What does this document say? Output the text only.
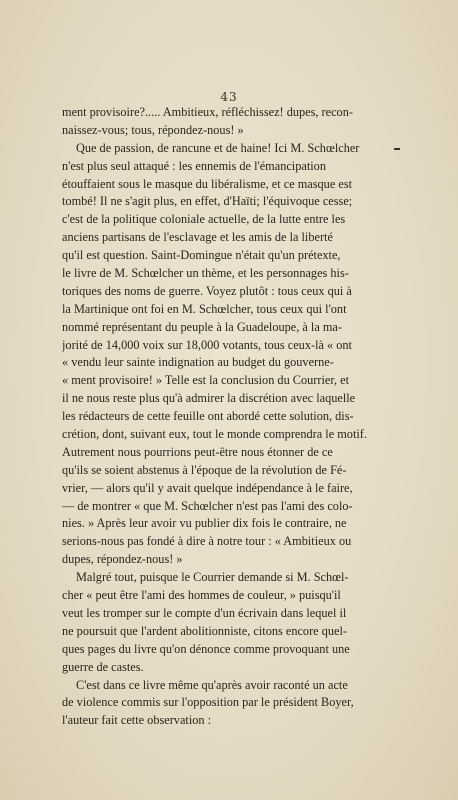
43
ment provisoire?..... Ambitieux, réfléchissez! dupes, recon-
naissez-vous; tous, répondez-nous! »
Que de passion, de rancune et de haine! Ici M. Schœlcher
n'est plus seul attaqué : les ennemis de l'émancipation
étouffaient sous le masque du libéralisme, et ce masque est
tombé! Il ne s'agit plus, en effet, d'Haïti; l'équivoque cesse;
c'est de la politique coloniale actuelle, de la lutte entre les
anciens partisans de l'esclavage et les amis de la liberté
qu'il est question. Saint-Domingue n'était qu'un prétexte,
le livre de M. Schœlcher un thème, et les personnages his-
toriques des noms de guerre. Voyez plutôt : tous ceux qui à
la Martinique ont foi en M. Schœlcher, tous ceux qui l'ont
nommé représentant du peuple à la Guadeloupe, à la ma-
jorité de 14,000 voix sur 18,000 votants, tous ceux-là « ont
« vendu leur sainte indignation au budget du gouverne-
« ment provisoire! » Telle est la conclusion du Courrier, et
il ne nous reste plus qu'à admirer la discrétion avec laquelle
les rédacteurs de cette feuille ont abordé cette solution, dis-
crétion, dont, suivant eux, tout le monde comprendra le motif.
Autrement nous pourrions peut-être nous étonner de ce
qu'ils se soient abstenus à l'époque de la révolution de Fé-
vrier, — alors qu'il y avait quelque indépendance à le faire,
— de montrer « que M. Schœlcher n'est pas l'ami des colo-
nies. » Après leur avoir vu publier dix fois le contraire, ne
serions-nous pas fondé à dire à notre tour : « Ambitieux ou
dupes, répondez-nous! »
Malgré tout, puisque le Courrier demande si M. Schœl-
cher « peut être l'ami des hommes de couleur, » puisqu'il
veut les tromper sur le compte d'un écrivain dans lequel il
ne poursuit que l'ardent abolitionniste, citons encore quel-
ques pages du livre qu'on dénonce comme provoquant une
guerre de castes.
C'est dans ce livre même qu'après avoir raconté un acte
de violence commis sur l'opposition par le président Boyer,
l'auteur fait cette observation :
